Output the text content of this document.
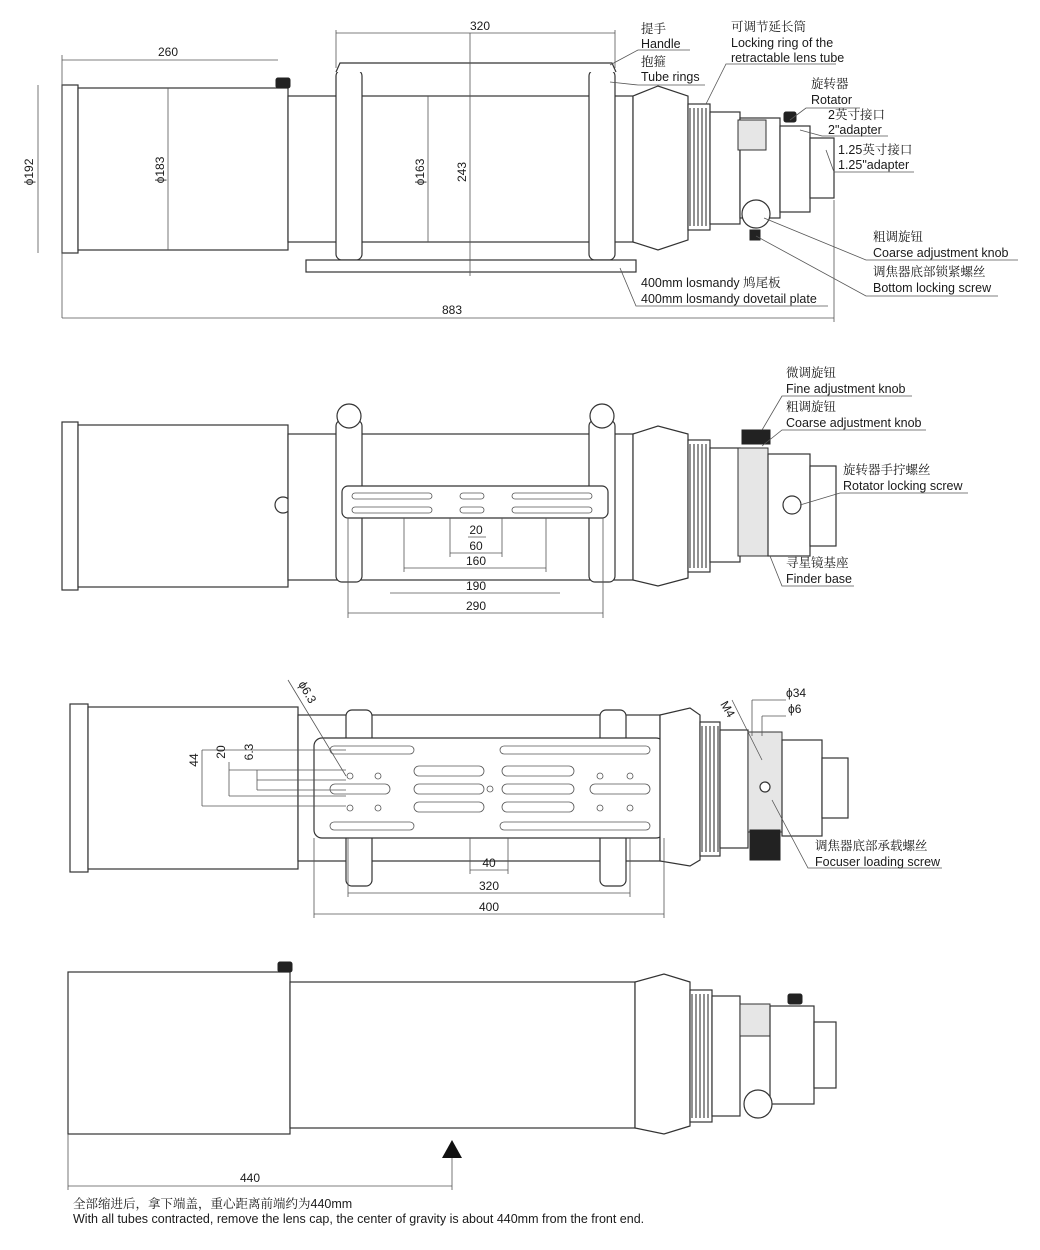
260
320
883
ϕ192	ϕ183	ϕ163 243
提手
Handle
抱箍
Tube rings
可调节延长筒
Locking ring of the
retractable lens tube
旋转器
Rotator
2英寸接口
2"adapter
1.25英寸接口
1.25"adapter
粗调旋钮
Coarse adjustment knob
调焦器底部锁紧螺丝
Bottom locking screw
400mm losmandy 鸠尾板
400mm losmandy dovetail plate
20
60
160
190
290
微调旋钮
Fine adjustment knob
粗调旋钮
Coarse adjustment knob
旋转器手拧螺丝
Rotator locking screw
寻星镜基座
Finder base
ϕ6.3
44
20 6.3
M4
ϕ34
ϕ6
40
320
400
调焦器底部承载螺丝
Focuser loading screw
440
全部缩进后，拿下端盖，重心距离前端约为440mm
With all tubes contracted, remove the lens cap, the center of gravity is about 440mm from the front end.
